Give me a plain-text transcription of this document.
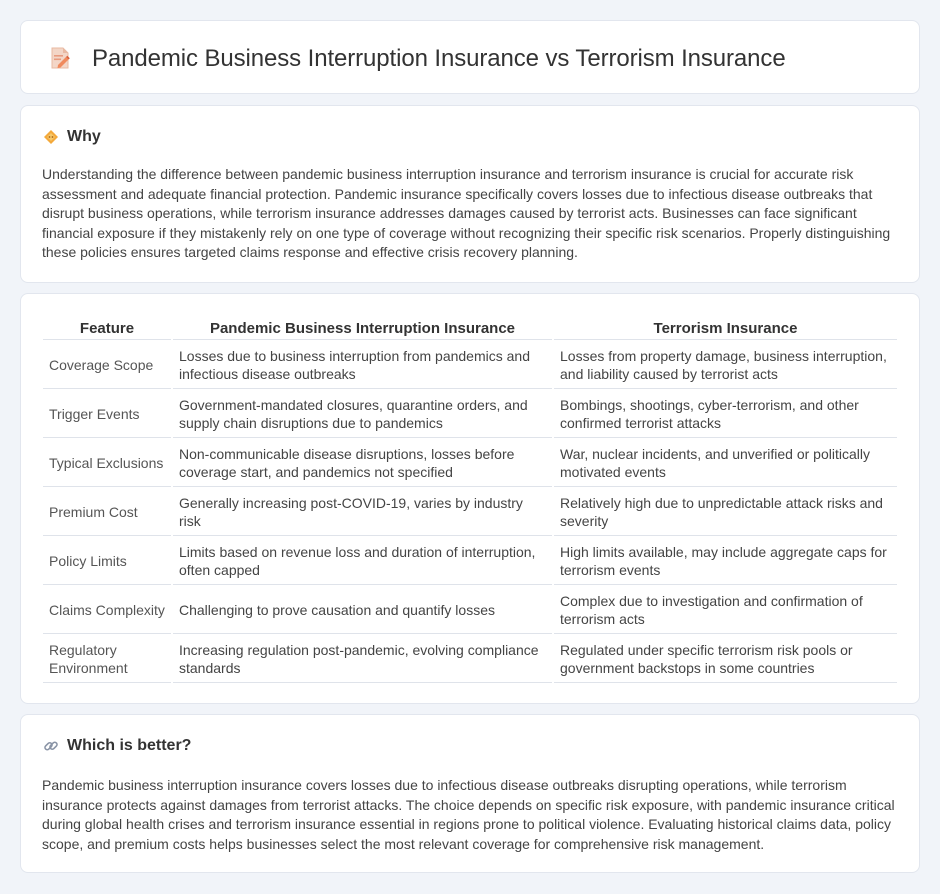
Pandemic Business Interruption Insurance vs Terrorism Insurance
Why

Understanding the difference between pandemic business interruption insurance and terrorism insurance is crucial for accurate risk assessment and adequate financial protection. Pandemic insurance specifically covers losses due to infectious disease outbreaks that disrupt business operations, while terrorism insurance addresses damages caused by terrorist acts. Businesses can face significant financial exposure if they mistakenly rely on one type of coverage without recognizing their specific risk scenarios. Properly distinguishing these policies ensures targeted claims response and effective crisis recovery planning.

Feature	Pandemic Business Interruption Insurance	Terrorism Insurance
Coverage Scope	Losses due to business interruption from pandemics and infectious disease outbreaks	Losses from property damage, business interruption, and liability caused by terrorist acts
Trigger Events	Government-mandated closures, quarantine orders, and supply chain disruptions due to pandemics	Bombings, shootings, cyber-terrorism, and other confirmed terrorist attacks
Typical Exclusions	Non-communicable disease disruptions, losses before coverage start, and pandemics not specified	War, nuclear incidents, and unverified or politically motivated events
Premium Cost	Generally increasing post-COVID-19, varies by industry risk	Relatively high due to unpredictable attack risks and severity
Policy Limits	Limits based on revenue loss and duration of interruption, often capped	High limits available, may include aggregate caps for terrorism events
Claims Complexity	Challenging to prove causation and quantify losses	Complex due to investigation and confirmation of terrorism acts
Regulatory Environment	Increasing regulation post-pandemic, evolving compliance standards	Regulated under specific terrorism risk pools or government backstops in some countries
Which is better?

Pandemic business interruption insurance covers losses due to infectious disease outbreaks disrupting operations, while terrorism insurance protects against damages from terrorist attacks. The choice depends on specific risk exposure, with pandemic insurance critical during global health crises and terrorism insurance essential in regions prone to political violence. Evaluating historical claims data, policy scope, and premium costs helps businesses select the most relevant coverage for comprehensive risk management.
